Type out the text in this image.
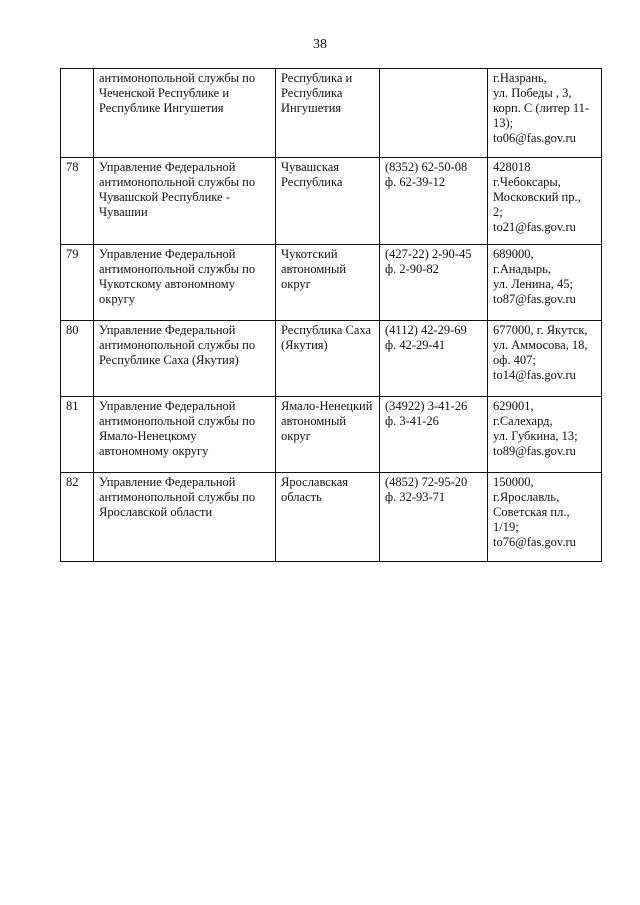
38

	антимонопольной службы по
Чеченской Республике и
Республике Ингушетия	Республика и
Республика
Ингушетия		г.Назрань,
ул. Победы , 3,
корп. С (литер 11-
13);
to06@fas.gov.ru

78	Управление Федеральной
антимонопольной службы по
Чувашской Республике -
Чувашии	Чувашская
Республика	(8352) 62-50-08
ф. 62-39-12	428018
г.Чебоксары,
Московский пр.,
2;
to21@fas.gov.ru

79	Управление Федеральной
антимонопольной службы по
Чукотскому автономному
округу	Чукотский
автономный
округ	(427-22) 2-90-45
ф. 2-90-82	689000,
г.Анадырь,
ул. Ленина, 45;
to87@fas.gov.ru

80	Управление Федеральной
антимонопольной службы по
Республике Саха (Якутия)	Республика Саха
(Якутия)	(4112) 42-29-69
ф. 42-29-41	677000, г. Якутск,
ул. Аммосова, 18,
оф. 407;
to14@fas.gov.ru

81	Управление Федеральной
антимонопольной службы по
Ямало-Ненецкому
автономному округу	Ямало-Ненецкий
автономный
округ	(34922) 3-41-26
ф. 3-41-26	629001,
г.Салехард,
ул. Губкина, 13;
to89@fas.gov.ru

82	Управление Федеральной
антимонопольной службы по
Ярославской области	Ярославская
область	(4852) 72-95-20
ф. 32-93-71	150000,
г.Ярославль,
Советская пл.,
1/19;
to76@fas.gov.ru
